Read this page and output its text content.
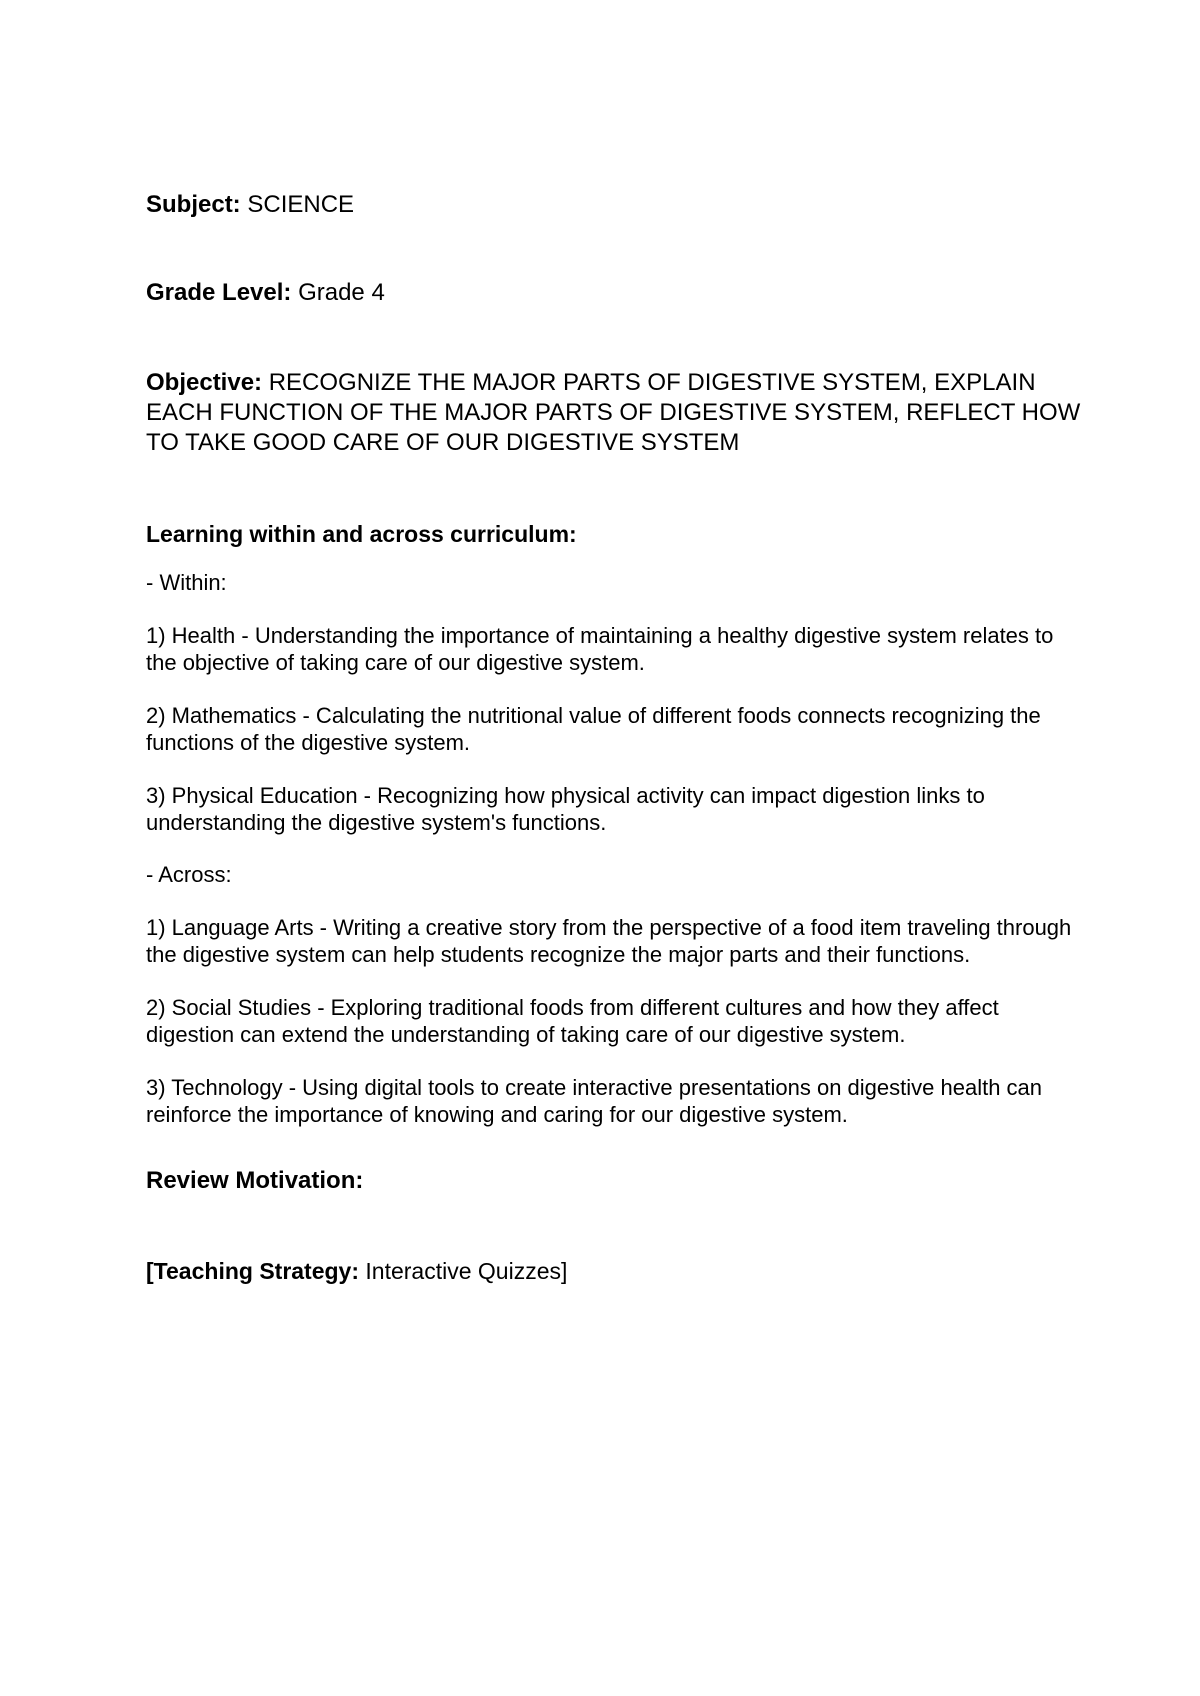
Subject: SCIENCE

Grade Level: Grade 4

Objective: RECOGNIZE THE MAJOR PARTS OF DIGESTIVE SYSTEM, EXPLAIN EACH FUNCTION OF THE MAJOR PARTS OF DIGESTIVE SYSTEM, REFLECT HOW TO TAKE GOOD CARE OF OUR DIGESTIVE SYSTEM

Learning within and across curriculum:

- Within:

1) Health - Understanding the importance of maintaining a healthy digestive system relates to the objective of taking care of our digestive system.

2) Mathematics - Calculating the nutritional value of different foods connects recognizing the functions of the digestive system.

3) Physical Education - Recognizing how physical activity can impact digestion links to understanding the digestive system's functions.

- Across:

1) Language Arts - Writing a creative story from the perspective of a food item traveling through the digestive system can help students recognize the major parts and their functions.

2) Social Studies - Exploring traditional foods from different cultures and how they affect digestion can extend the understanding of taking care of our digestive system.

3) Technology - Using digital tools to create interactive presentations on digestive health can reinforce the importance of knowing and caring for our digestive system.

Review Motivation:

[Teaching Strategy: Interactive Quizzes]
